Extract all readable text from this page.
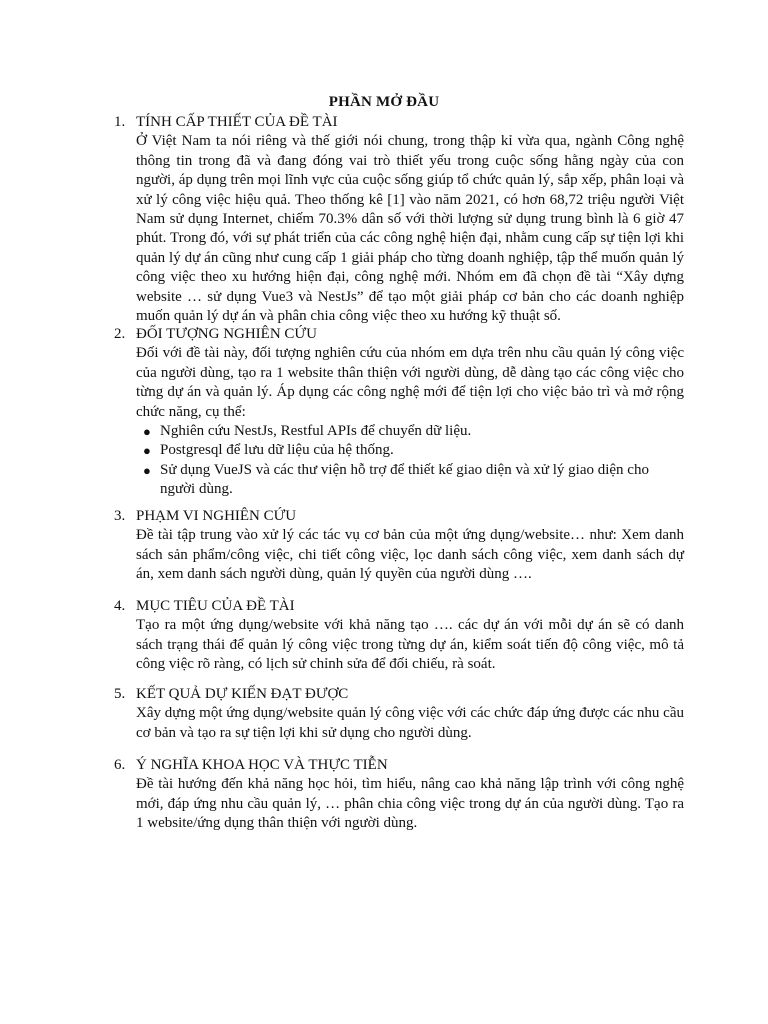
PHẦN MỞ ĐẦU
1. TÍNH CẤP THIẾT CỦA ĐỀ TÀI
Ở Việt Nam ta nói riêng và thế giới nói chung, trong thập kỉ vừa qua, ngành Công nghệ thông tin trong đã và đang đóng vai trò thiết yếu trong cuộc sống hằng ngày của con người, áp dụng trên mọi lĩnh vực của cuộc sống giúp tổ chức quản lý, sắp xếp, phân loại và xử lý công việc hiệu quả. Theo thống kê [1] vào năm 2021, có hơn 68,72 triệu người Việt Nam sử dụng Internet, chiếm 70.3% dân số với thời lượng sử dụng trung bình là 6 giờ 47 phút. Trong đó, với sự phát triển của các công nghệ hiện đại, nhằm cung cấp sự tiện lợi khi quản lý dự án cũng như cung cấp 1 giải pháp cho từng doanh nghiệp, tập thể muốn quản lý công việc theo xu hướng hiện đại, công nghệ mới. Nhóm em đã chọn đề tài “Xây dựng website … sử dụng Vue3 và NestJs” để tạo một giải pháp cơ bản cho các doanh nghiệp muốn quản lý dự án và phân chia công việc theo xu hướng kỹ thuật số.
2. ĐỐI TƯỢNG NGHIÊN CỨU
Đối với đề tài này, đối tượng nghiên cứu của nhóm em dựa trên nhu cầu quản lý công việc của người dùng, tạo ra 1 website thân thiện với người dùng, dễ dàng tạo các công việc cho từng dự án và quản lý. Áp dụng các công nghệ mới để tiện lợi cho việc bảo trì và mở rộng chức năng, cụ thể:
● Nghiên cứu NestJs, Restful APIs để chuyển dữ liệu.
● Postgresql để lưu dữ liệu của hệ thống.
● Sử dụng VueJS và các thư viện hỗ trợ để thiết kế giao diện và xử lý giao diện cho người dùng.
3. PHẠM VI NGHIÊN CỨU
Đề tài tập trung vào xử lý các tác vụ cơ bản của một ứng dụng/website… như: Xem danh sách sản phẩm/công việc, chi tiết công việc, lọc danh sách công việc, xem danh sách dự án, xem danh sách người dùng, quản lý quyền của người dùng ….
4. MỤC TIÊU CỦA ĐỀ TÀI
Tạo ra một ứng dụng/website với khả năng tạo …. các dự án với mỗi dự án sẽ có danh sách trạng thái để quản lý công việc trong từng dự án, kiểm soát tiến độ công việc, mô tả công việc rõ ràng, có lịch sử chỉnh sửa để đối chiếu, rà soát.
5. KẾT QUẢ DỰ KIẾN ĐẠT ĐƯỢC
Xây dựng một ứng dụng/website quản lý công việc với các chức đáp ứng được các nhu cầu cơ bản và tạo ra sự tiện lợi khi sử dụng cho người dùng.
6. Ý NGHĨA KHOA HỌC VÀ THỰC TIỄN
Đề tài hướng đến khả năng học hỏi, tìm hiểu, nâng cao khả năng lập trình với công nghệ mới, đáp ứng nhu cầu quản lý, … phân chia công việc trong dự án của người dùng. Tạo ra 1 website/ứng dụng thân thiện với người dùng.
